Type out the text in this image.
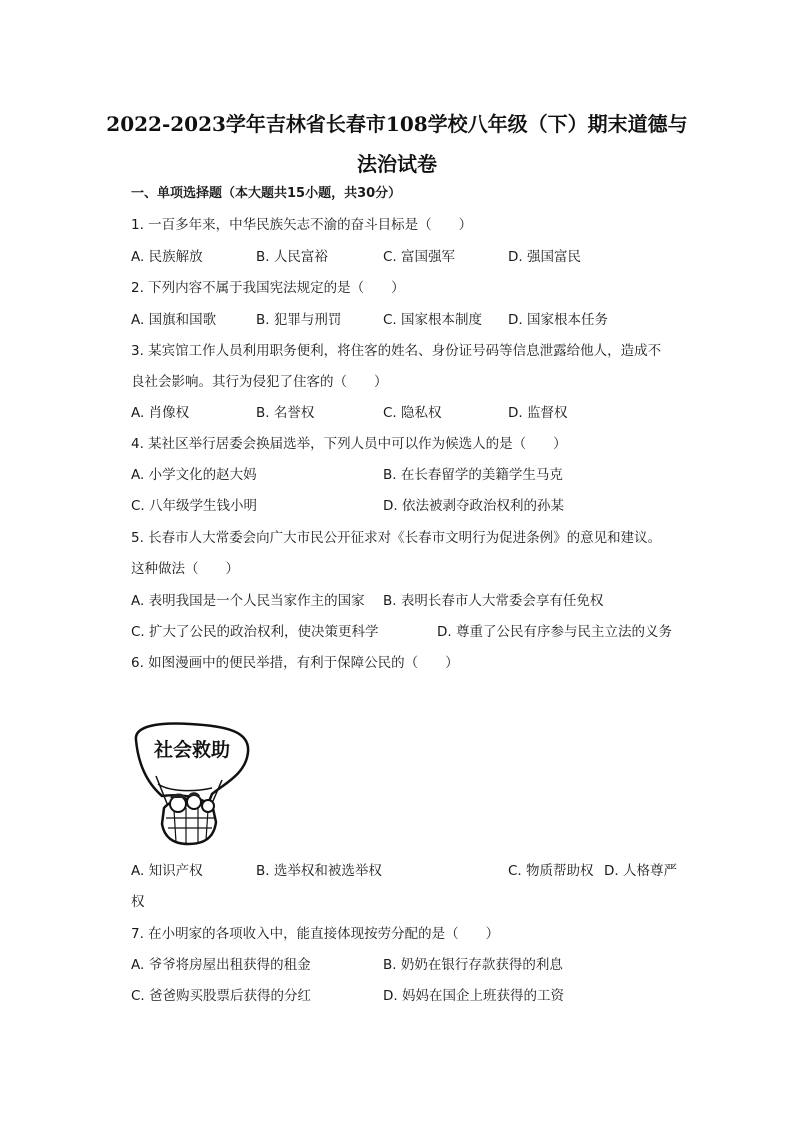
2022-2023学年吉林省长春市108学校八年级（下）期末道德与
法治试卷
一、单项选择题（本大题共15小题，共30分）
1. 一百多年来，中华民族矢志不渝的奋斗目标是（　　）
A. 民族解放	B. 人民富裕	C. 富国强军	D. 强国富民
2. 下列内容不属于我国宪法规定的是（　　）
A. 国旗和国歌	B. 犯罪与刑罚	C. 国家根本制度 D. 国家根本任务
3. 某宾馆工作人员利用职务便利，将住客的姓名、身份证号码等信息泄露给他人，造成不
良社会影响。其行为侵犯了住客的（　　）
A. 肖像权	B. 名誉权	C. 隐私权	D. 监督权
4. 某社区举行居委会换届选举，下列人员中可以作为候选人的是（　　）
A. 小学文化的赵大妈	B. 在长春留学的美籍学生马克
C. 八年级学生钱小明	D. 依法被剥夺政治权利的孙某
5. 长春市人大常委会向广大市民公开征求对《长春市文明行为促进条例》的意见和建议。
这种做法（　　）
A. 表明我国是一个人民当家作主的国家 B. 表明长春市人大常委会享有任免权
C. 扩大了公民的政治权利，使决策更科学	D. 尊重了公民有序参与民主立法的义务
6. 如图漫画中的便民举措，有利于保障公民的（　　）
社会救助
A. 知识产权	B. 选举权和被选举权	C. 物质帮助权 D. 人格尊严
权
7. 在小明家的各项收入中，能直接体现按劳分配的是（　　）
A. 爷爷将房屋出租获得的租金	B. 奶奶在银行存款获得的利息
C. 爸爸购买股票后获得的分红	D. 妈妈在国企上班获得的工资
